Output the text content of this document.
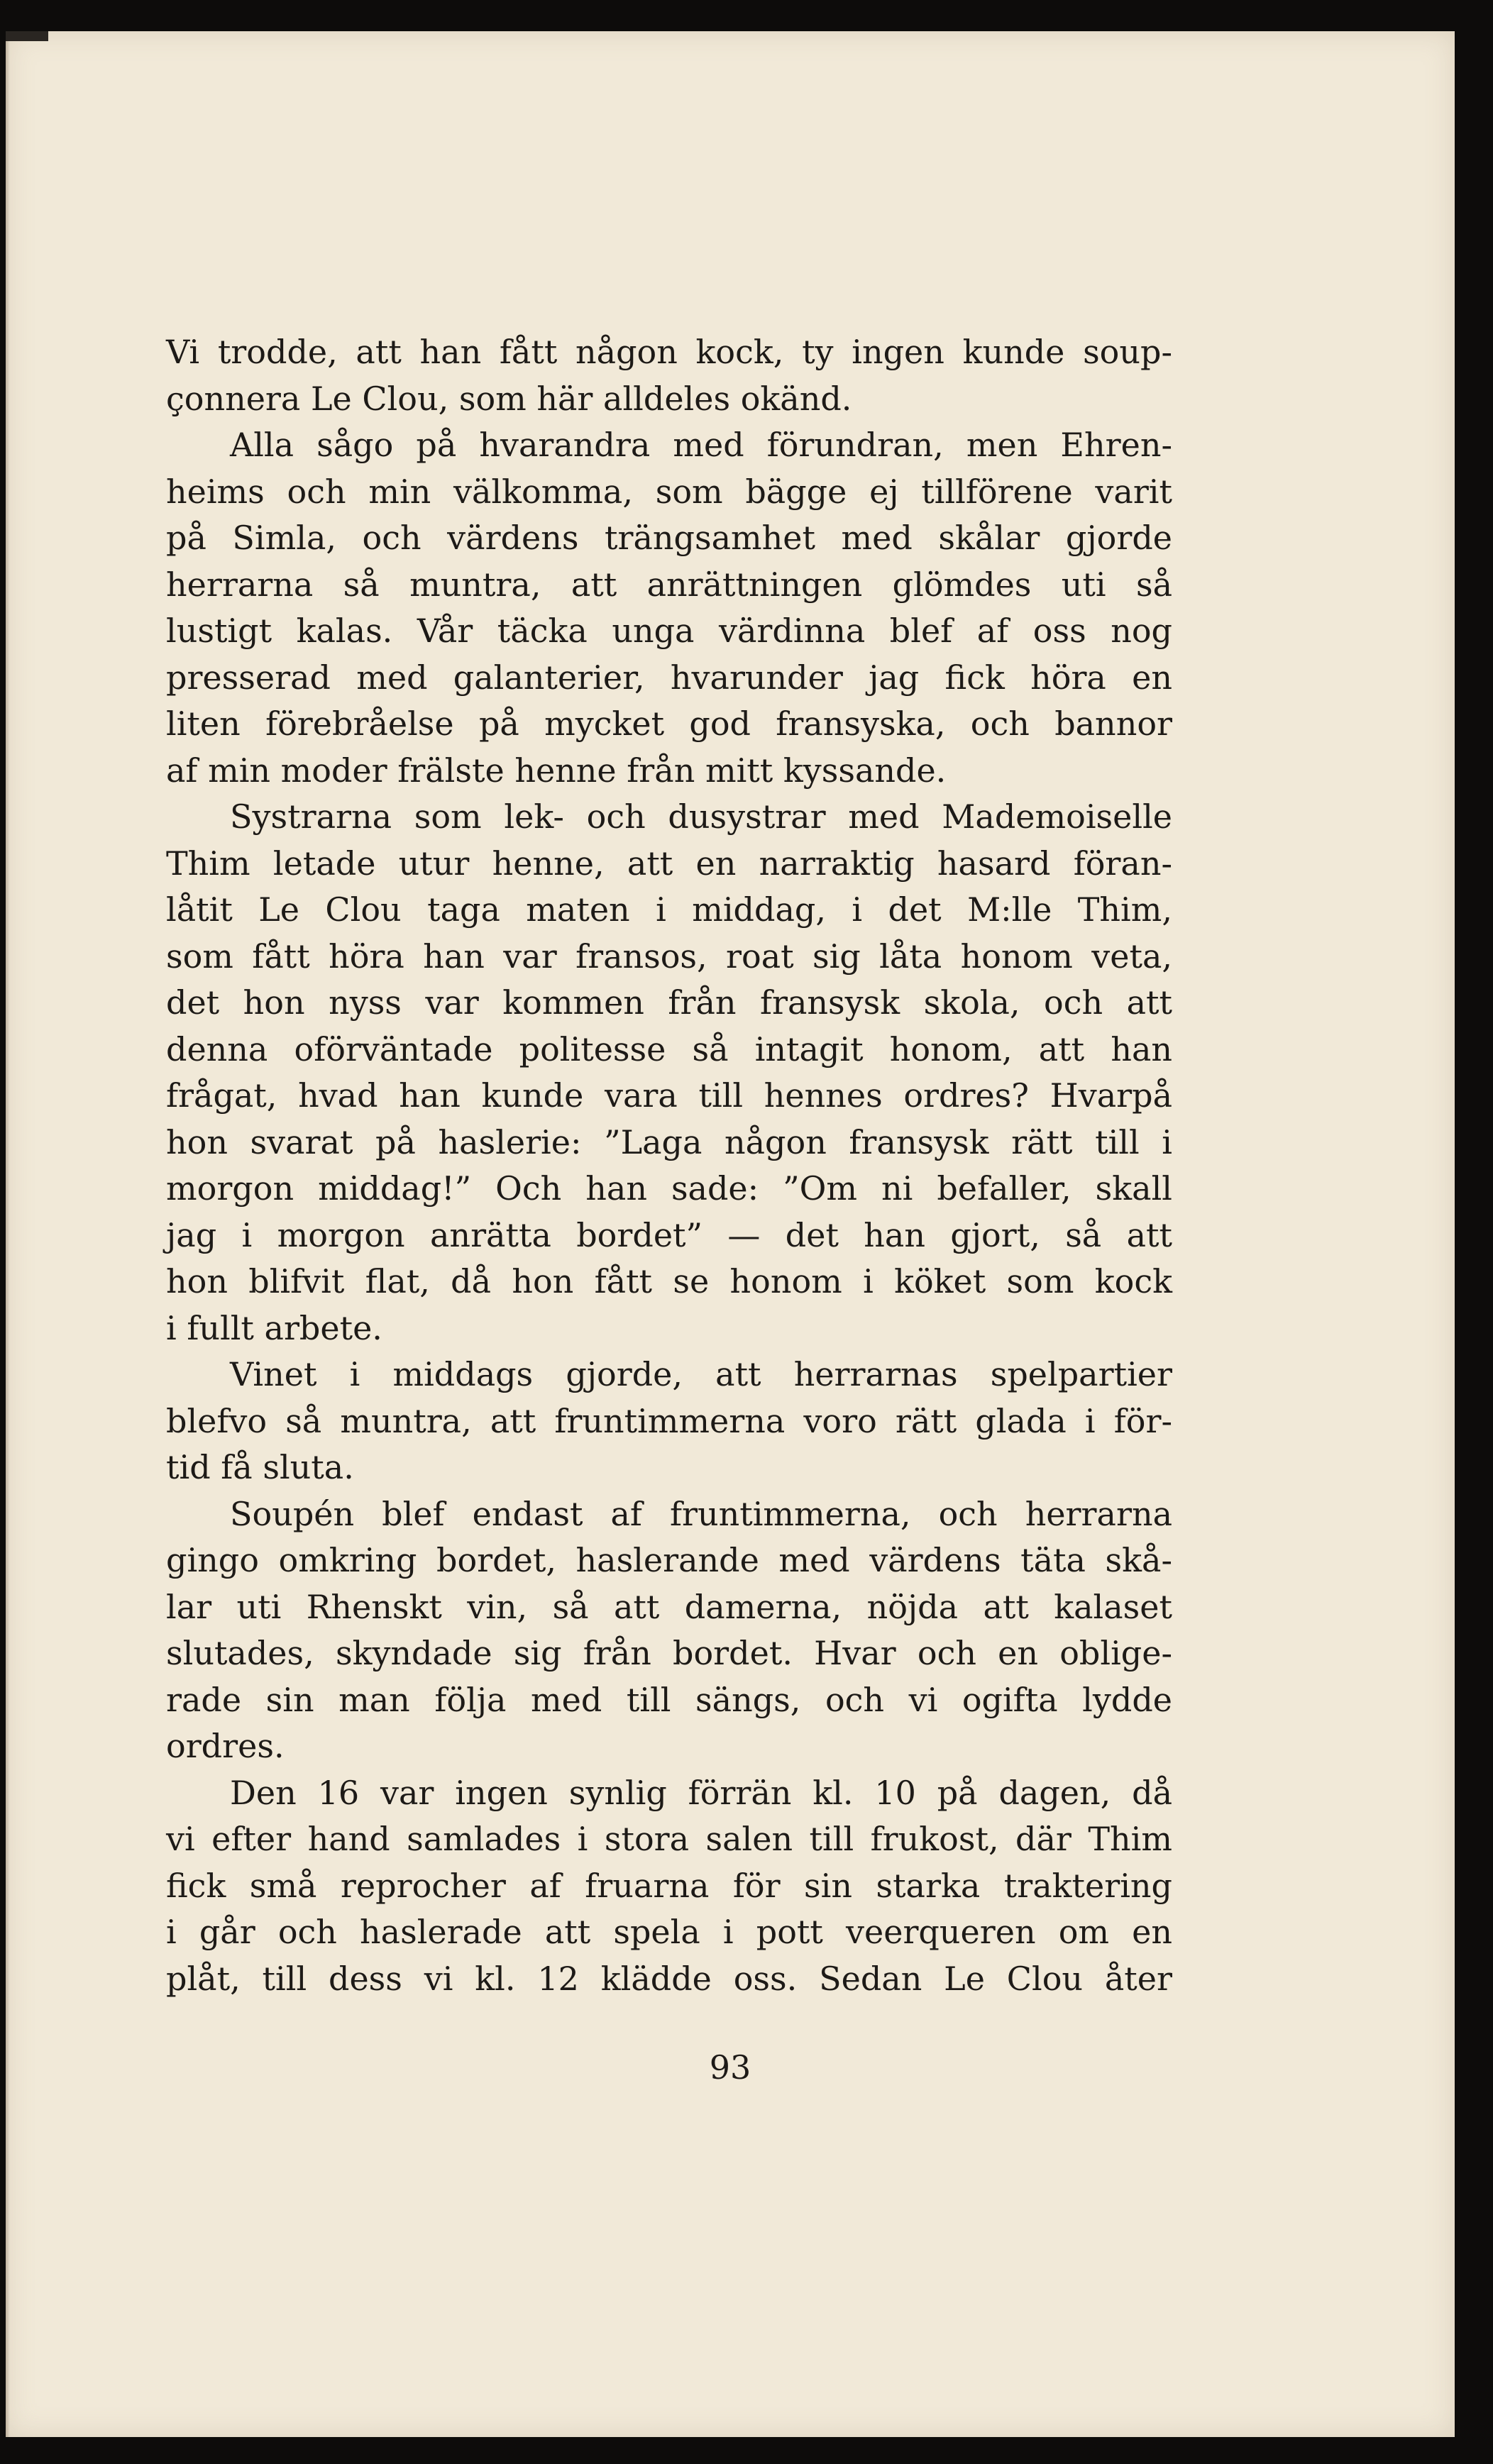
Vi trodde, att han fått någon kock, ty ingen kunde soup-
çonnera Le Clou, som här alldeles okänd.
Alla sågo på hvarandra med förundran, men Ehren-
heims och min välkomma, som bägge ej tillförene varit
på Simla, och värdens trängsamhet med skålar gjorde
herrarna så muntra, att anrättningen glömdes uti så
lustigt kalas. Vår täcka unga värdinna blef af oss nog
presserad med galanterier, hvarunder jag fick höra en
liten förebråelse på mycket god fransyska, och bannor
af min moder frälste henne från mitt kyssande.
Systrarna som lek- och dusystrar med Mademoiselle
Thim letade utur henne, att en narraktig hasard föran-
låtit Le Clou taga maten i middag, i det M:lle Thim,
som fått höra han var fransos, roat sig låta honom veta,
det hon nyss var kommen från fransysk skola, och att
denna oförväntade politesse så intagit honom, att han
frågat, hvad han kunde vara till hennes ordres? Hvarpå
hon svarat på haslerie: ”Laga någon fransysk rätt till i
morgon middag!” Och han sade: ”Om ni befaller, skall
jag i morgon anrätta bordet” — det han gjort, så att
hon blifvit flat, då hon fått se honom i köket som kock
i fullt arbete.
Vinet i middags gjorde, att herrarnas spelpartier
blefvo så muntra, att fruntimmerna voro rätt glada i för-
tid få sluta.
Soupén blef endast af fruntimmerna, och herrarna
gingo omkring bordet, haslerande med värdens täta skå-
lar uti Rhenskt vin, så att damerna, nöjda att kalaset
slutades, skyndade sig från bordet. Hvar och en oblige-
rade sin man följa med till sängs, och vi ogifta lydde
ordres.
Den 16 var ingen synlig förrän kl. 10 på dagen, då
vi efter hand samlades i stora salen till frukost, där Thim
fick små reprocher af fruarna för sin starka traktering
i går och haslerade att spela i pott veerqueren om en
plåt, till dess vi kl. 12 klädde oss. Sedan Le Clou åter
93
